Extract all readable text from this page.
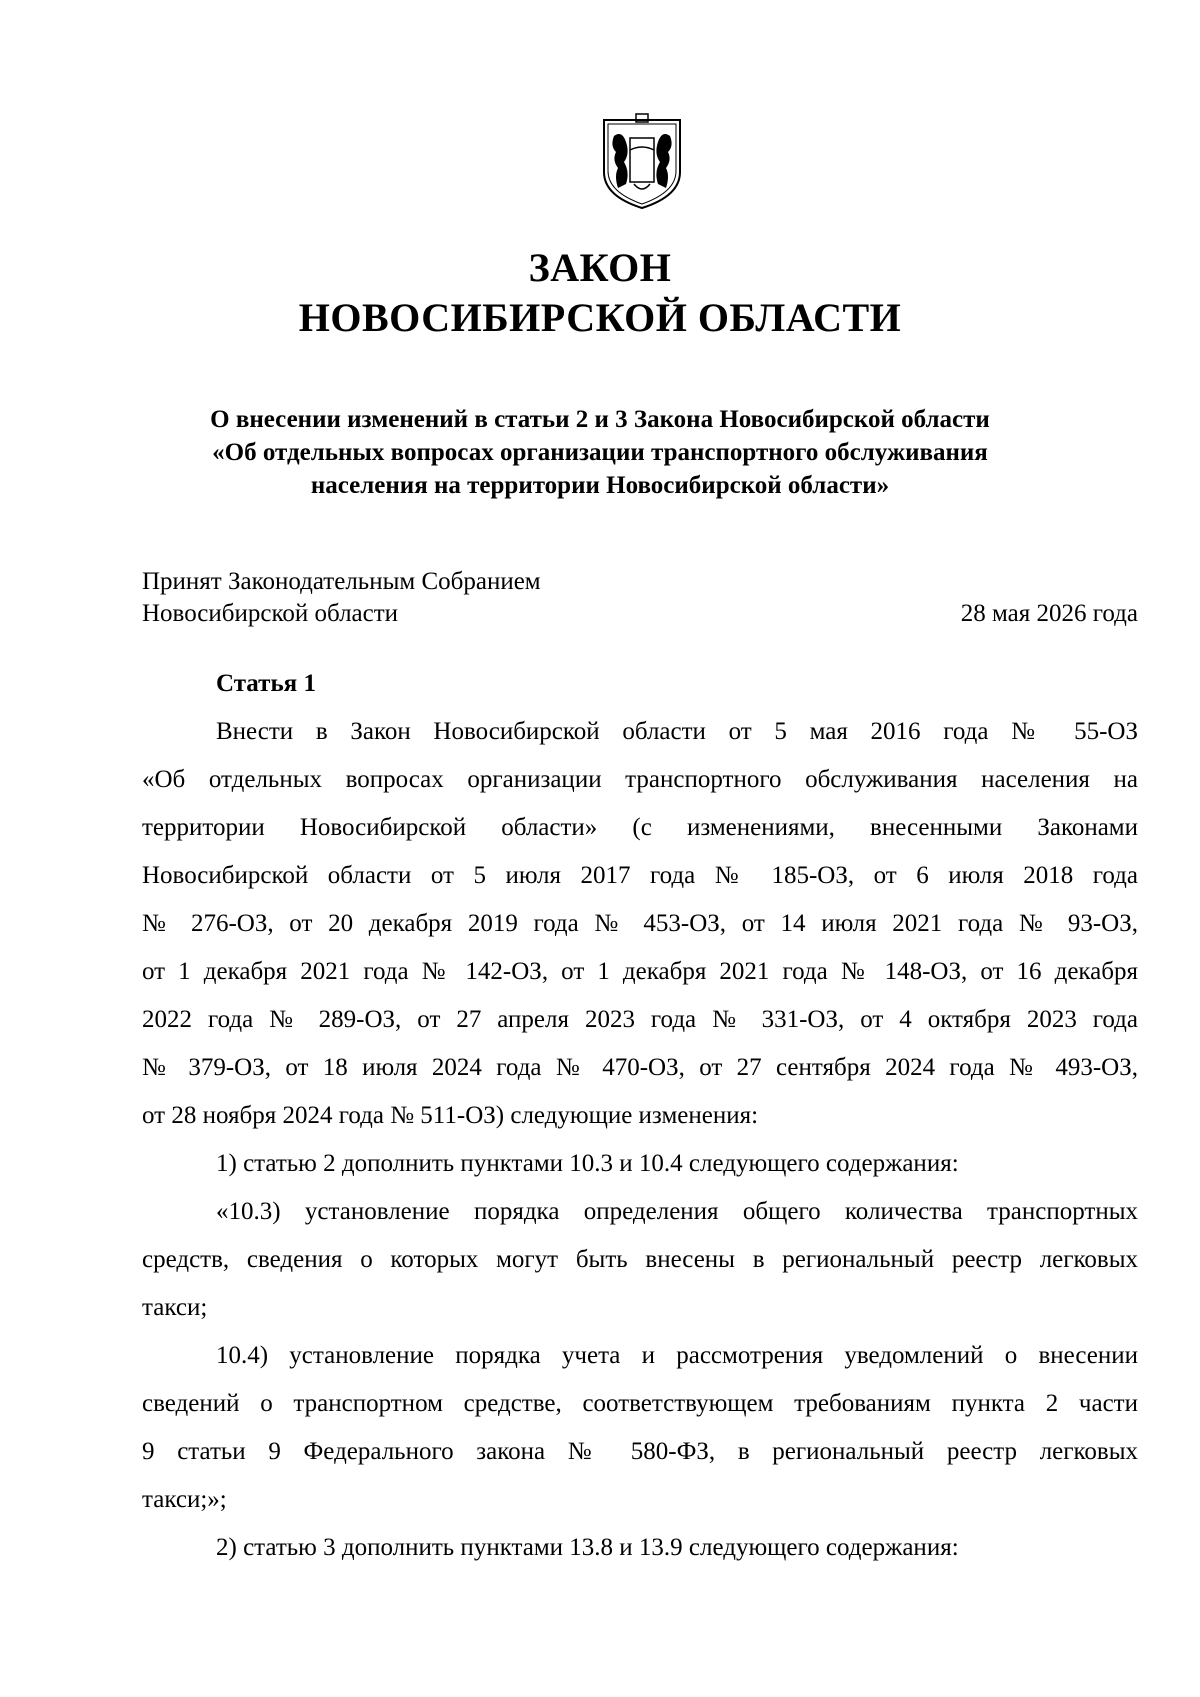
ЗАКОН
НОВОСИБИРСКОЙ ОБЛАСТИ
О внесении изменений в статьи 2 и 3 Закона Новосибирской области
«Об отдельных вопросах организации транспортного обслуживания
населения на территории Новосибирской области»
Принят Законодательным Собранием
Новосибирской области	28 мая 2026 года
Статья 1
Внести в Закон Новосибирской области от 5 мая 2016 года № 55-ОЗ
«Об отдельных вопросах организации транспортного обслуживания населения на
территории Новосибирской области» (с изменениями, внесенными Законами
Новосибирской области от 5 июля 2017 года № 185-ОЗ, от 6 июля 2018 года
№ 276-ОЗ, от 20 декабря 2019 года № 453-ОЗ, от 14 июля 2021 года № 93-ОЗ,
от 1 декабря 2021 года № 142-ОЗ, от 1 декабря 2021 года № 148-ОЗ, от 16 декабря
2022 года № 289-ОЗ, от 27 апреля 2023 года № 331-ОЗ, от 4 октября 2023 года
№ 379-ОЗ, от 18 июля 2024 года № 470-ОЗ, от 27 сентября 2024 года № 493-ОЗ,
от 28 ноября 2024 года № 511-ОЗ) следующие изменения:
1) статью 2 дополнить пунктами 10.3 и 10.4 следующего содержания:
«10.3) установление порядка определения общего количества транспортных
средств, сведения о которых могут быть внесены в региональный реестр легковых
такси;
10.4) установление порядка учета и рассмотрения уведомлений о внесении
сведений о транспортном средстве, соответствующем требованиям пункта 2 части
9 статьи 9 Федерального закона № 580-ФЗ, в региональный реестр легковых
такси;»;
2) статью 3 дополнить пунктами 13.8 и 13.9 следующего содержания:
